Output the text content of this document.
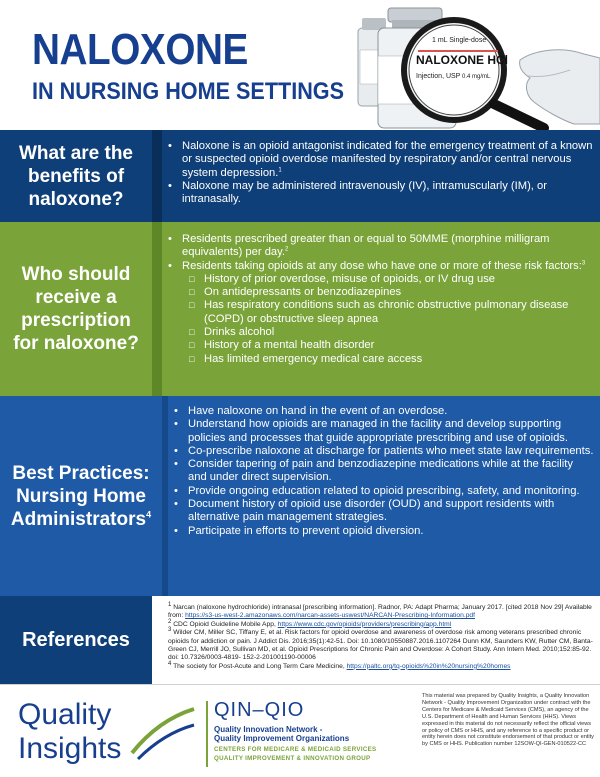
NALOXONE
IN NURSING HOME SETTINGS
1 mL Single-dose
NALOXONE HCl
Injection, USP 0.4 mg/mL
What are the benefits of naloxone?
• Naloxone is an opioid antagonist indicated for the emergency treatment of a known or suspected opioid overdose manifested by respiratory and/or central nervous system depression.$^1$
• Naloxone may be administered intravenously (IV), intramuscularly (IM), or intranasally.
Who should receive a prescription for naloxone?
• Residents prescribed greater than or equal to 50MME (morphine milligram equivalents) per day.$^2$
• Residents taking opioids at any dose who have one or more of these risk factors:$^3$
□ History of prior overdose, misuse of opioids, or IV drug use
□ On antidepressants or benzodiazepines
□ Has respiratory conditions such as chronic obstructive pulmonary disease (COPD) or obstructive sleep apnea
□ Drinks alcohol
□ History of a mental health disorder
□ Has limited emergency medical care access
Best Practices: Nursing Home Administrators$^4$
• Have naloxone on hand in the event of an overdose.
• Understand how opioids are managed in the facility and develop supporting policies and processes that guide appropriate prescribing and use of opioids.
• Co-prescribe naloxone at discharge for patients who meet state law requirements.
• Consider tapering of pain and benzodiazepine medications while at the facility and under direct supervision.
• Provide ongoing education related to opioid prescribing, safety, and monitoring.
• Document history of opioid use disorder (OUD) and support residents with alternative pain management strategies.
• Participate in efforts to prevent opioid diversion.
References
$^1$ Narcan (naloxone hydrochloride) intranasal [prescribing information]. Radnor, PA: Adapt Pharma; January 2017. [cited 2018 Nov 29] Available from: https://s3-us-west-2.amazonaws.com/narcan-assets-uswest/NARCAN-Prescribing-Information.pdf
$^2$ CDC Opioid Guideline Mobile App, https://www.cdc.gov/opioids/providers/prescribing/app.html
$^3$ Wilder CM, Miller SC, Tiffany E, et al. Risk factors for opioid overdose and awareness of overdose risk among veterans prescribed chronic opioids for addiction or pain. J Addict Dis. 2016;35(1):42-51. Doi: 10.1080/10550887.2016.1107264 Dunn KM, Saunders KW, Rutter CM, Banta-Green CJ, Merrill JO, Sullivan MD, et al. Opioid Prescriptions for Chronic Pain and Overdose: A Cohort Study. Ann Intern Med. 2010;152:85-92. doi: 10.7326/0003-4819- 152-2-201001190-00006
$^4$ The society for Post-Acute and Long Term Care Medicine, https://paltc.org/tq-opioids%20in%20nursing%20homes
Quality
Insights
QIN–QIO
Quality Innovation Network -
Quality Improvement Organizations
CENTERS FOR MEDICARE & MEDICAID SERVICES
QUALITY IMPROVEMENT & INNOVATION GROUP
This material was prepared by Quality Insights, a Quality Innovation Network - Quality Improvement Organization under contract with the Centers for Medicare & Medicaid Services (CMS), an agency of the U.S. Department of Health and Human Services (HHS). Views expressed in this material do not necessarily reflect the official views or policy of CMS or HHS, and any reference to a specific product or entity herein does not constitute endorsement of that product or entity by CMS or HHS. Publication number 12SOW-QI-GEN-010522-CC
